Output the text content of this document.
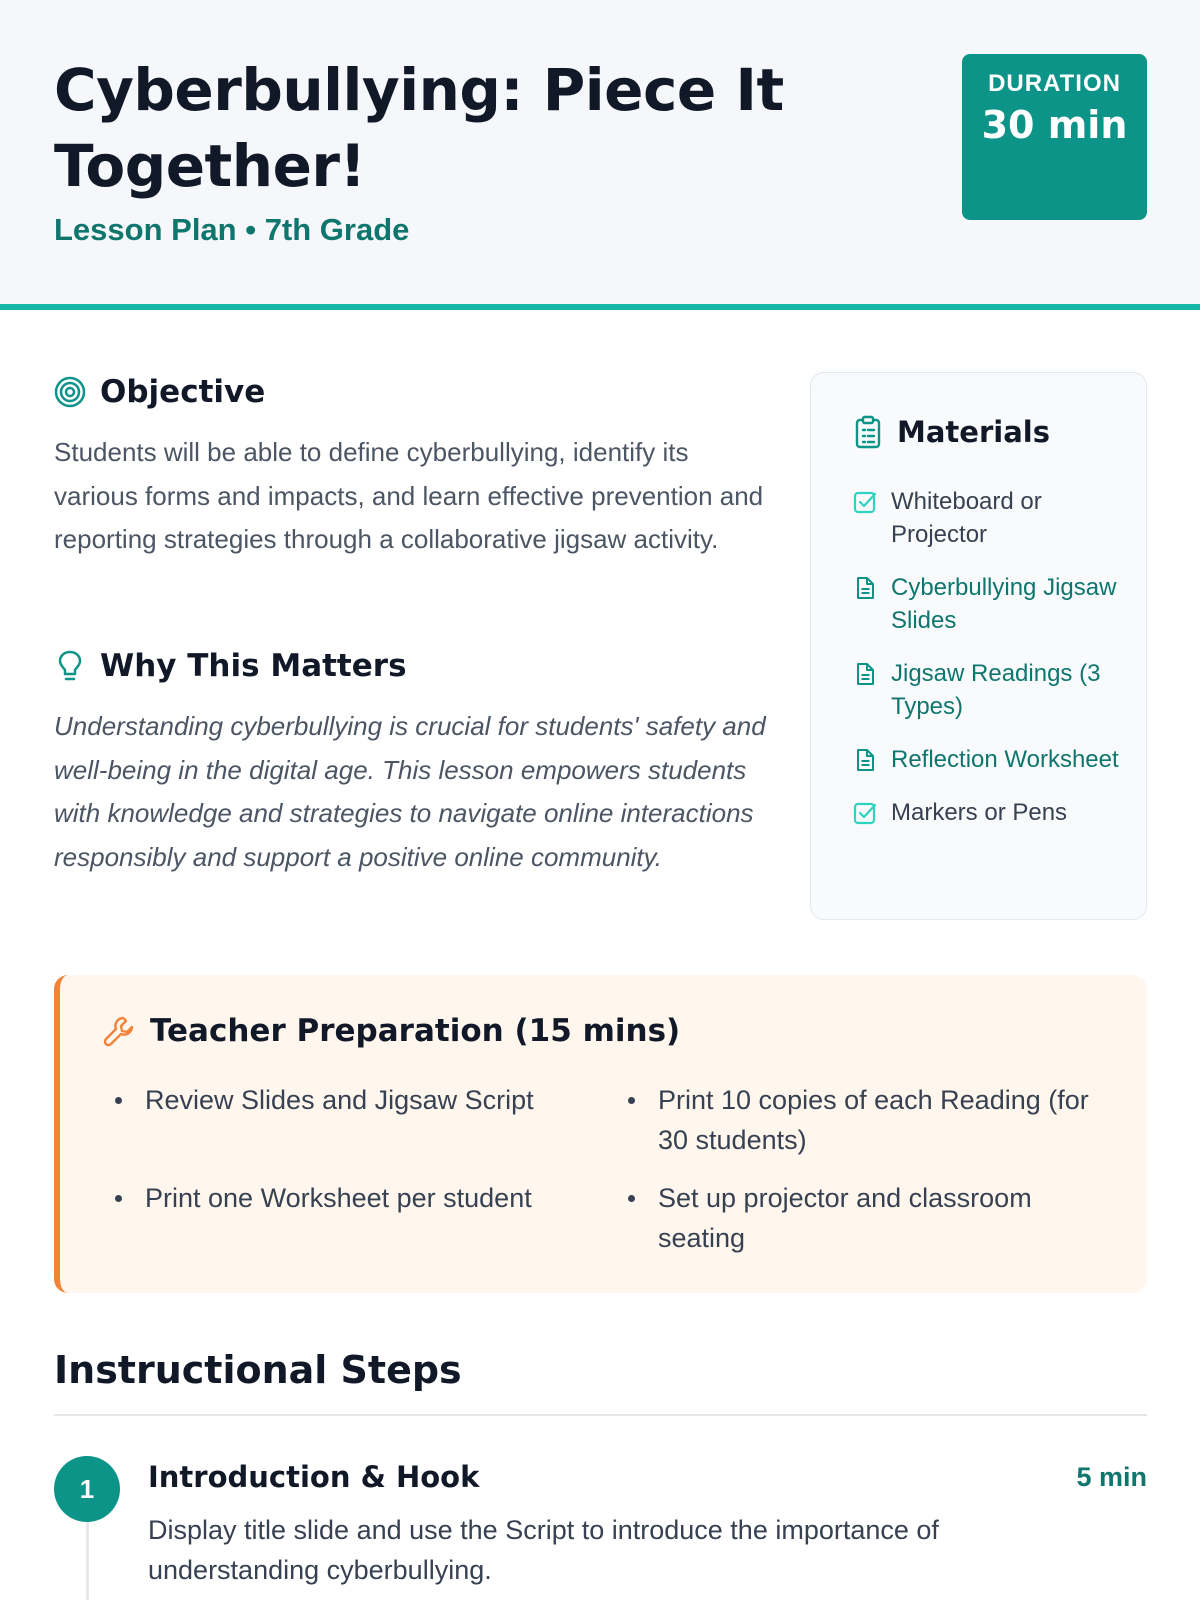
Cyberbullying: Piece It Together!
Lesson Plan • 7th Grade
DURATION
30 min
Objective

Students will be able to define cyberbullying, identify its various forms and impacts, and learn effective prevention and reporting strategies through a collaborative jigsaw activity.

Why This Matters

Understanding cyberbullying is crucial for students' safety and well-being in the digital age. This lesson empowers students with knowledge and strategies to navigate online interactions responsibly and support a positive online community.

Materials
Whiteboard or Projector
Cyberbullying Jigsaw Slides
Jigsaw Readings (3 Types)
Reflection Worksheet
Markers or Pens
Teacher Preparation (15 mins)
Review Slides and Jigsaw Script	Print 10 copies of each Reading (for 30 students)
Print one Worksheet per student	Set up projector and classroom seating
Instructional Steps
1	Introduction & Hook	5 min

Display title slide and use the Script to introduce the importance of understanding cyberbullying.
